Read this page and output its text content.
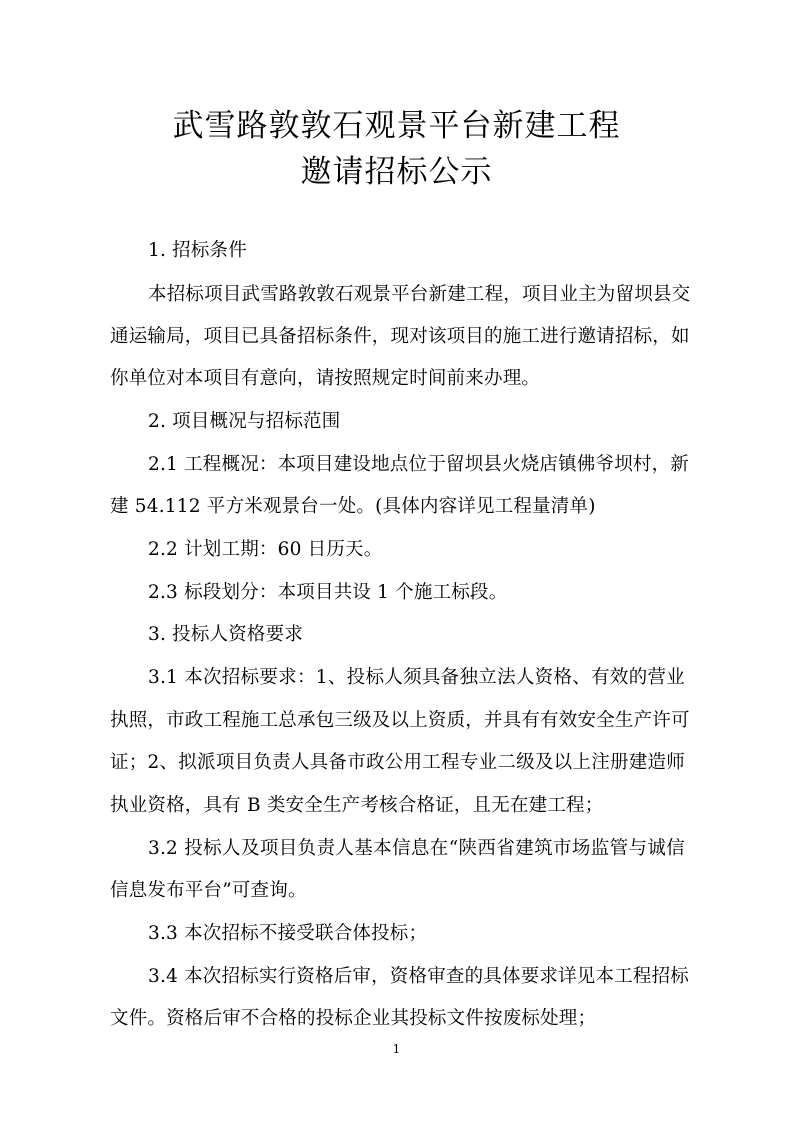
武雪路敦敦石观景平台新建工程
邀请招标公示
1. 招标条件
本招标项目武雪路敦敦石观景平台新建工程，项目业主为留坝县交
通运输局，项目已具备招标条件，现对该项目的施工进行邀请招标，如
你单位对本项目有意向，请按照规定时间前来办理。
2. 项目概况与招标范围
2.1 工程概况：本项目建设地点位于留坝县火烧店镇佛爷坝村，新
建 54.112 平方米观景台一处。(具体内容详见工程量清单)
2.2 计划工期：60 日历天。
2.3 标段划分：本项目共设 1 个施工标段。
3. 投标人资格要求
3.1 本次招标要求：1、投标人须具备独立法人资格、有效的营业
执照，市政工程施工总承包三级及以上资质，并具有有效安全生产许可
证；2、拟派项目负责人具备市政公用工程专业二级及以上注册建造师
执业资格，具有 B 类安全生产考核合格证，且无在建工程；
3.2 投标人及项目负责人基本信息在“陕西省建筑市场监管与诚信
信息发布平台”可查询。
3.3 本次招标不接受联合体投标；
3.4 本次招标实行资格后审，资格审查的具体要求详见本工程招标
文件。资格后审不合格的投标企业其投标文件按废标处理；
1
